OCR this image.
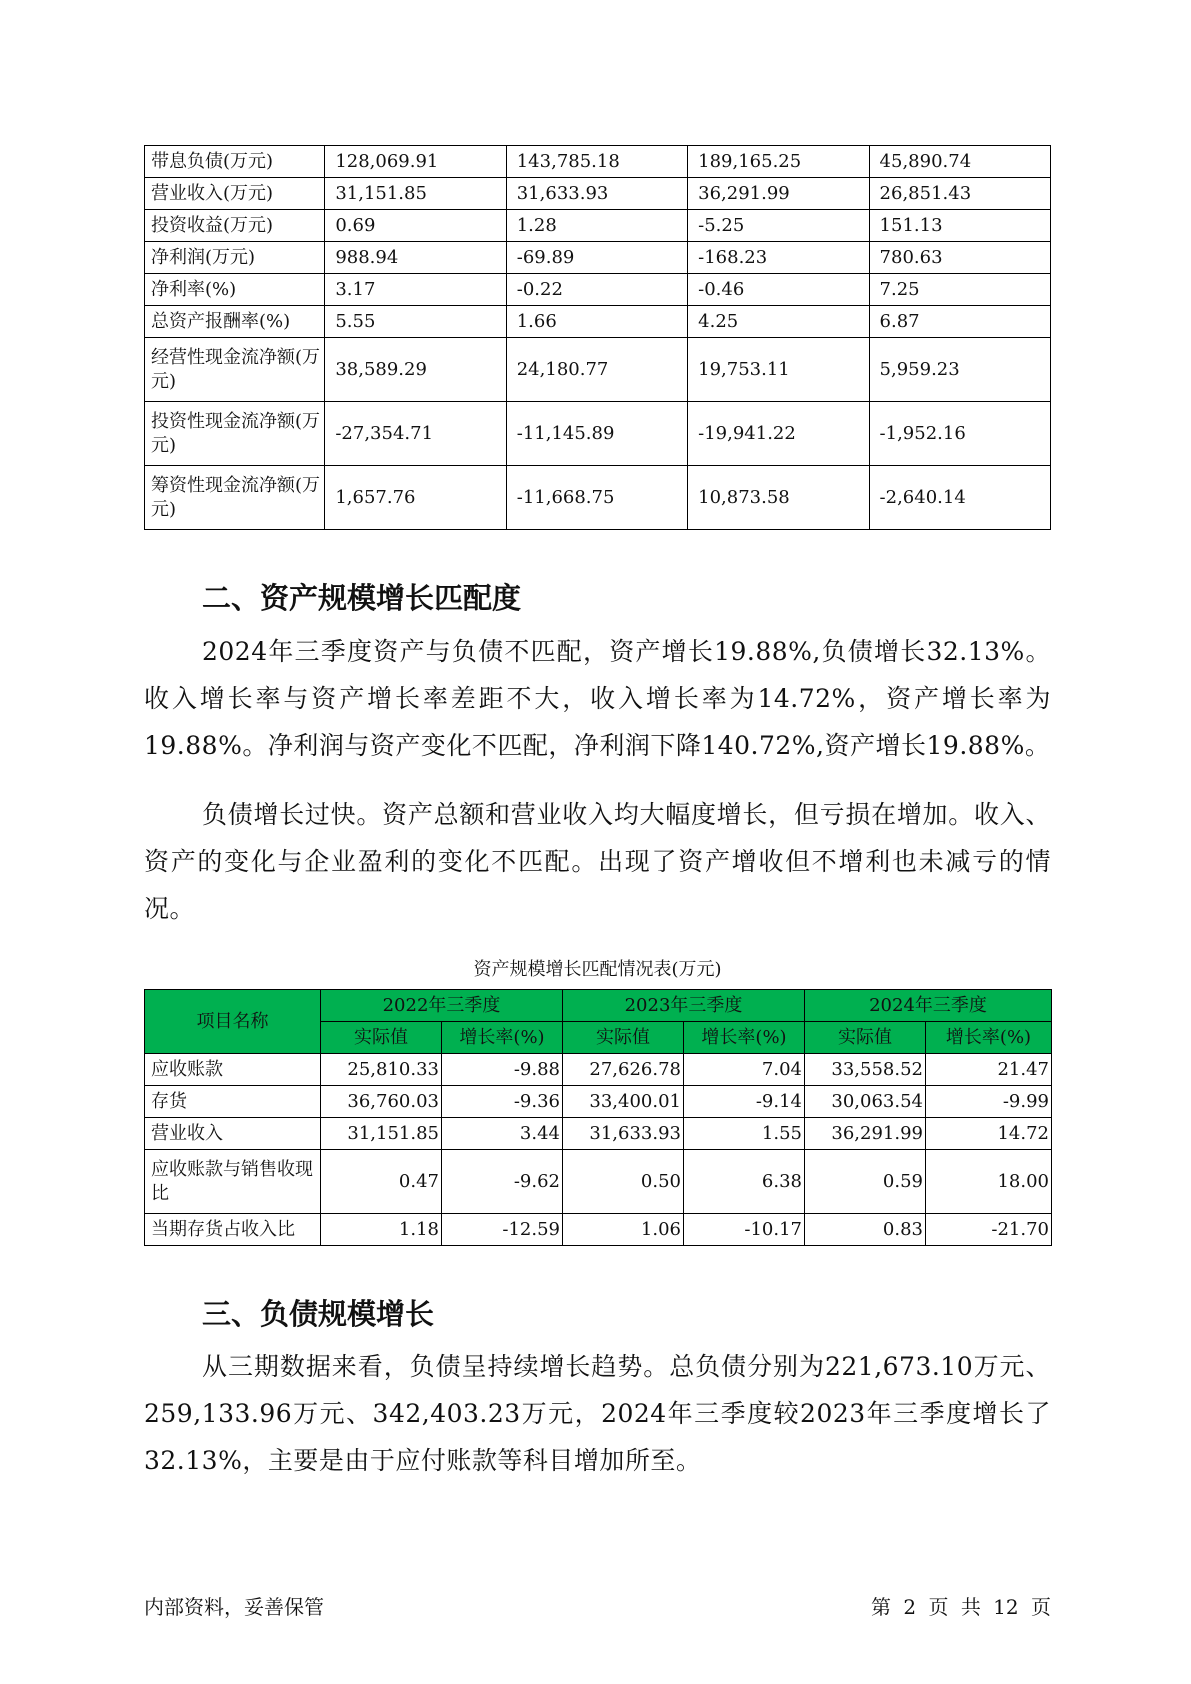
带息负债(万元)	128,069.91	143,785.18	189,165.25	45,890.74
营业收入(万元)	31,151.85	31,633.93	36,291.99	26,851.43
投资收益(万元)	0.69	1.28	-5.25	151.13
净利润(万元)	988.94	-69.89	-168.23	780.63
净利率(%)	3.17	-0.22	-0.46	7.25
总资产报酬率(%)	5.55	1.66	4.25	6.87
经营性现金流净额(万元)	38,589.29	24,180.77	19,753.11	5,959.23
投资性现金流净额(万元)	-27,354.71	-11,145.89	-19,941.22	-1,952.16
筹资性现金流净额(万元)	1,657.76	-11,668.75	10,873.58	-2,640.14
二、资产规模增长匹配度

2024年三季度资产与负债不匹配，资产增长19.88%,负债增长32.13%。收入增长率与资产增长率差距不大，收入增长率为14.72%，资产增长率为19.88%。净利润与资产变化不匹配，净利润下降140.72%,资产增长19.88%。

负债增长过快。资产总额和营业收入均大幅度增长，但亏损在增加。收入、资产的变化与企业盈利的变化不匹配。出现了资产增收但不增利也未减亏的情况。

资产规模增长匹配情况表(万元)

项目名称	2022年三季度		2023年三季度		2024年三季度	
	实际值	增长率(%)	实际值	增长率(%)	实际值	增长率(%)
应收账款	25,810.33	-9.88	27,626.78	7.04	33,558.52	21.47
存货	36,760.03	-9.36	33,400.01	-9.14	30,063.54	-9.99
营业收入	31,151.85	3.44	31,633.93	1.55	36,291.99	14.72
应收账款与销售收现比	0.47	-9.62	0.50	6.38	0.59	18.00
当期存货占收入比	1.18	-12.59	1.06	-10.17	0.83	-21.70
三、负债规模增长

从三期数据来看，负债呈持续增长趋势。总负债分别为221,673.10万元、259,133.96万元、342,403.23万元，2024年三季度较2023年三季度增长了32.13%，主要是由于应付账款等科目增加所至。

内部资料，妥善保管	第 2 页 共 12 页
